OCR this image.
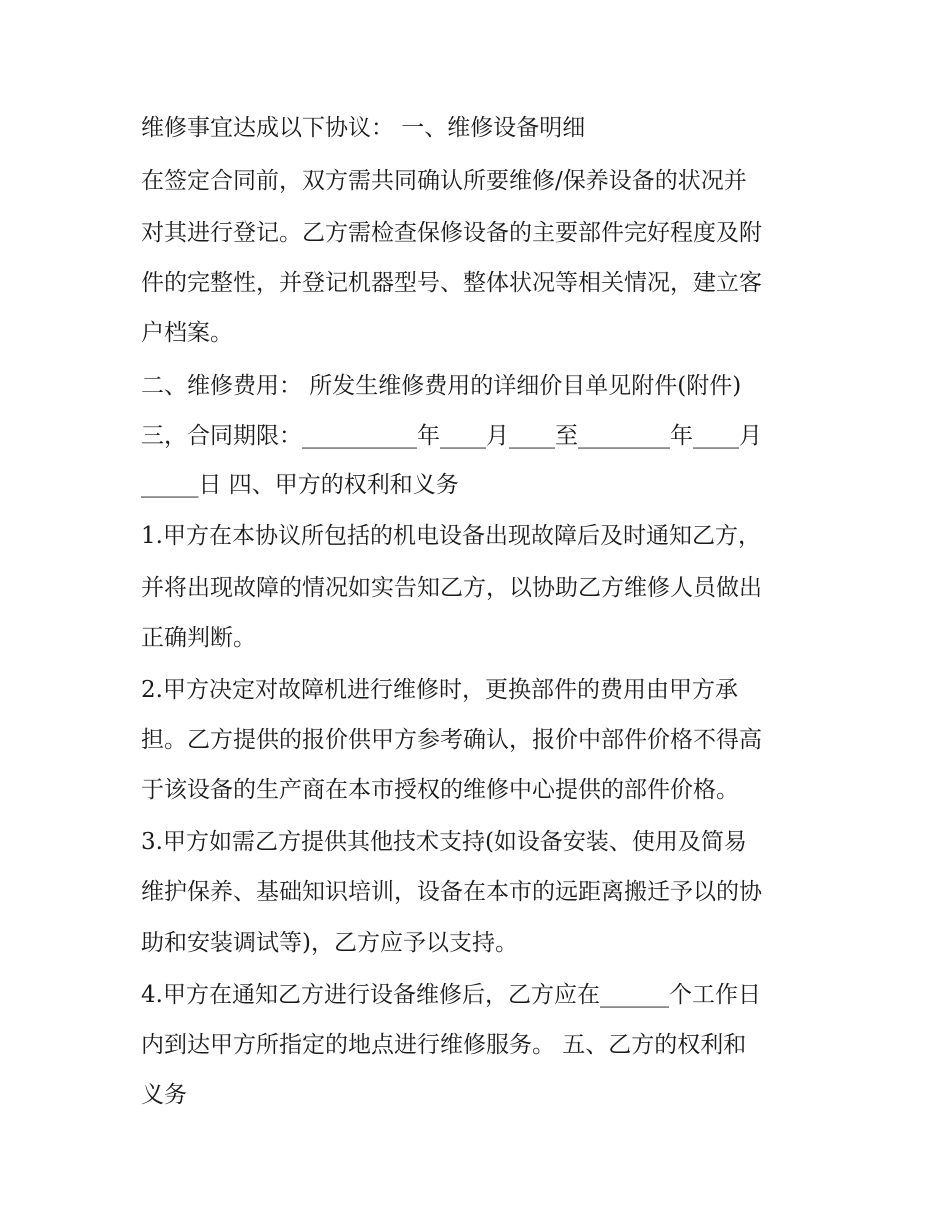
维修事宜达成以下协议： 一、维修设备明细
在签定合同前，双方需共同确认所要维修/保养设备的状况并
对其进行登记。乙方需检查保修设备的主要部件完好程度及附
件的完整性，并登记机器型号、整体状况等相关情况，建立客
户档案。
二、维修费用： 所发生维修费用的详细价目单见附件(附件)
三，合同期限：__________年____月____至________年____月
_____日 四、甲方的权利和义务
1.甲方在本协议所包括的机电设备出现故障后及时通知乙方，
并将出现故障的情况如实告知乙方，以协助乙方维修人员做出
正确判断。
2.甲方决定对故障机进行维修时，更换部件的费用由甲方承
担。乙方提供的报价供甲方参考确认，报价中部件价格不得高
于该设备的生产商在本市授权的维修中心提供的部件价格。
3.甲方如需乙方提供其他技术支持(如设备安装、使用及简易
维护保养、基础知识培训，设备在本市的远距离搬迁予以的协
助和安装调试等)，乙方应予以支持。
4.甲方在通知乙方进行设备维修后，乙方应在______个工作日
内到达甲方所指定的地点进行维修服务。 五、乙方的权利和
义务
